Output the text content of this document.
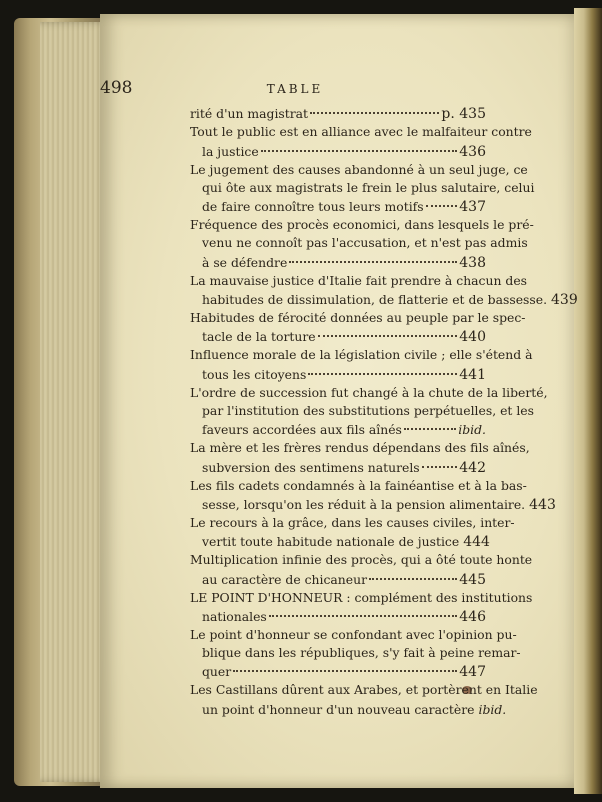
498	TABLE
rité d'un magistrat	p. 435
Tout le public est en alliance avec le malfaiteur contre
la justice	436
Le jugement des causes abandonné à un seul juge, ce
qui ôte aux magistrats le frein le plus salutaire, celui
de faire connoître tous leurs motifs	437
Fréquence des procès economici, dans lesquels le pré-
venu ne connoît pas l'accusation, et n'est pas admis
à se défendre	438
La mauvaise justice d'Italie fait prendre à chacun des
habitudes de dissimulation, de flatterie et de bassesse. 439
Habitudes de férocité données au peuple par le spec-
tacle de la torture	440
Influence morale de la législation civile ; elle s'étend à
tous les citoyens	441
L'ordre de succession fut changé à la chute de la liberté,
par l'institution des substitutions perpétuelles, et les
faveurs accordées aux fils aînés	ibid.
La mère et les frères rendus dépendans des fils aînés,
subversion des sentimens naturels	442
Les fils cadets condamnés à la fainéantise et à la bas-
sesse, lorsqu'on les réduit à la pension alimentaire. 443
Le recours à la grâce, dans les causes civiles, inter-
vertit toute habitude nationale de justice 444
Multiplication infinie des procès, qui a ôté toute honte
au caractère de chicaneur	445
LE POINT D'HONNEUR : complément des institutions
nationales	446
Le point d'honneur se confondant avec l'opinion pu-
blique dans les républiques, s'y fait à peine remar-
quer	447
Les Castillans dûrent aux Arabes, et portèrent en Italie
un point d'honneur d'un nouveau caractère ibid.
